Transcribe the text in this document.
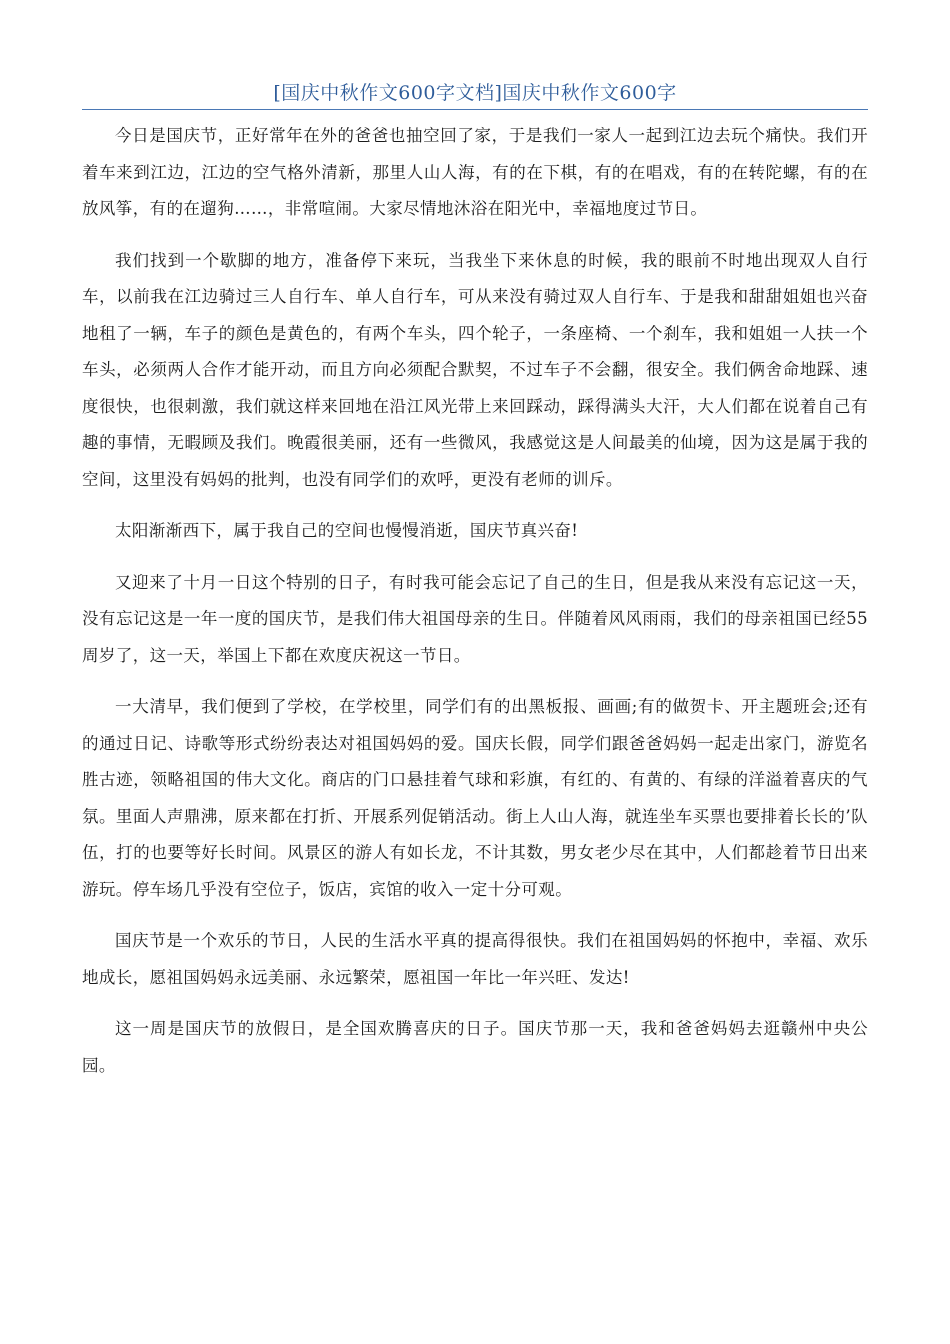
[国庆中秋作文600字文档]国庆中秋作文600字

今日是国庆节，正好常年在外的爸爸也抽空回了家，于是我们一家人一起到江边去玩个痛快。我们开着车来到江边，江边的空气格外清新，那里人山人海，有的在下棋，有的在唱戏，有的在转陀螺，有的在放风筝，有的在遛狗……，非常喧闹。大家尽情地沐浴在阳光中，幸福地度过节日。

我们找到一个歇脚的地方，准备停下来玩，当我坐下来休息的时候，我的眼前不时地出现双人自行车，以前我在江边骑过三人自行车、单人自行车，可从来没有骑过双人自行车、于是我和甜甜姐姐也兴奋地租了一辆，车子的颜色是黄色的，有两个车头，四个轮子，一条座椅、一个刹车，我和姐姐一人扶一个车头，必须两人合作才能开动，而且方向必须配合默契，不过车子不会翻，很安全。我们俩舍命地踩、速度很快，也很刺激，我们就这样来回地在沿江风光带上来回踩动，踩得满头大汗，大人们都在说着自己有趣的事情，无暇顾及我们。晚霞很美丽，还有一些微风，我感觉这是人间最美的仙境，因为这是属于我的空间，这里没有妈妈的批判，也没有同学们的欢呼，更没有老师的训斥。

太阳渐渐西下，属于我自己的空间也慢慢消逝，国庆节真兴奋!

又迎来了十月一日这个特别的日子，有时我可能会忘记了自己的生日，但是我从来没有忘记这一天，没有忘记这是一年一度的国庆节，是我们伟大祖国母亲的生日。伴随着风风雨雨，我们的母亲祖国已经55周岁了，这一天，举国上下都在欢度庆祝这一节日。

一大清早，我们便到了学校，在学校里，同学们有的出黑板报、画画;有的做贺卡、开主题班会;还有的通过日记、诗歌等形式纷纷表达对祖国妈妈的爱。国庆长假，同学们跟爸爸妈妈一起走出家门，游览名胜古迹，领略祖国的伟大文化。商店的门口悬挂着气球和彩旗，有红的、有黄的、有绿的洋溢着喜庆的气氛。里面人声鼎沸，原来都在打折、开展系列促销活动。街上人山人海，就连坐车买票也要排着长长的’队伍，打的也要等好长时间。风景区的游人有如长龙，不计其数，男女老少尽在其中，人们都趁着节日出来游玩。停车场几乎没有空位子，饭店，宾馆的收入一定十分可观。

国庆节是一个欢乐的节日，人民的生活水平真的提高得很快。我们在祖国妈妈的怀抱中，幸福、欢乐地成长，愿祖国妈妈永远美丽、永远繁荣，愿祖国一年比一年兴旺、发达!

这一周是国庆节的放假日，是全国欢腾喜庆的日子。国庆节那一天，我和爸爸妈妈去逛赣州中央公园。
